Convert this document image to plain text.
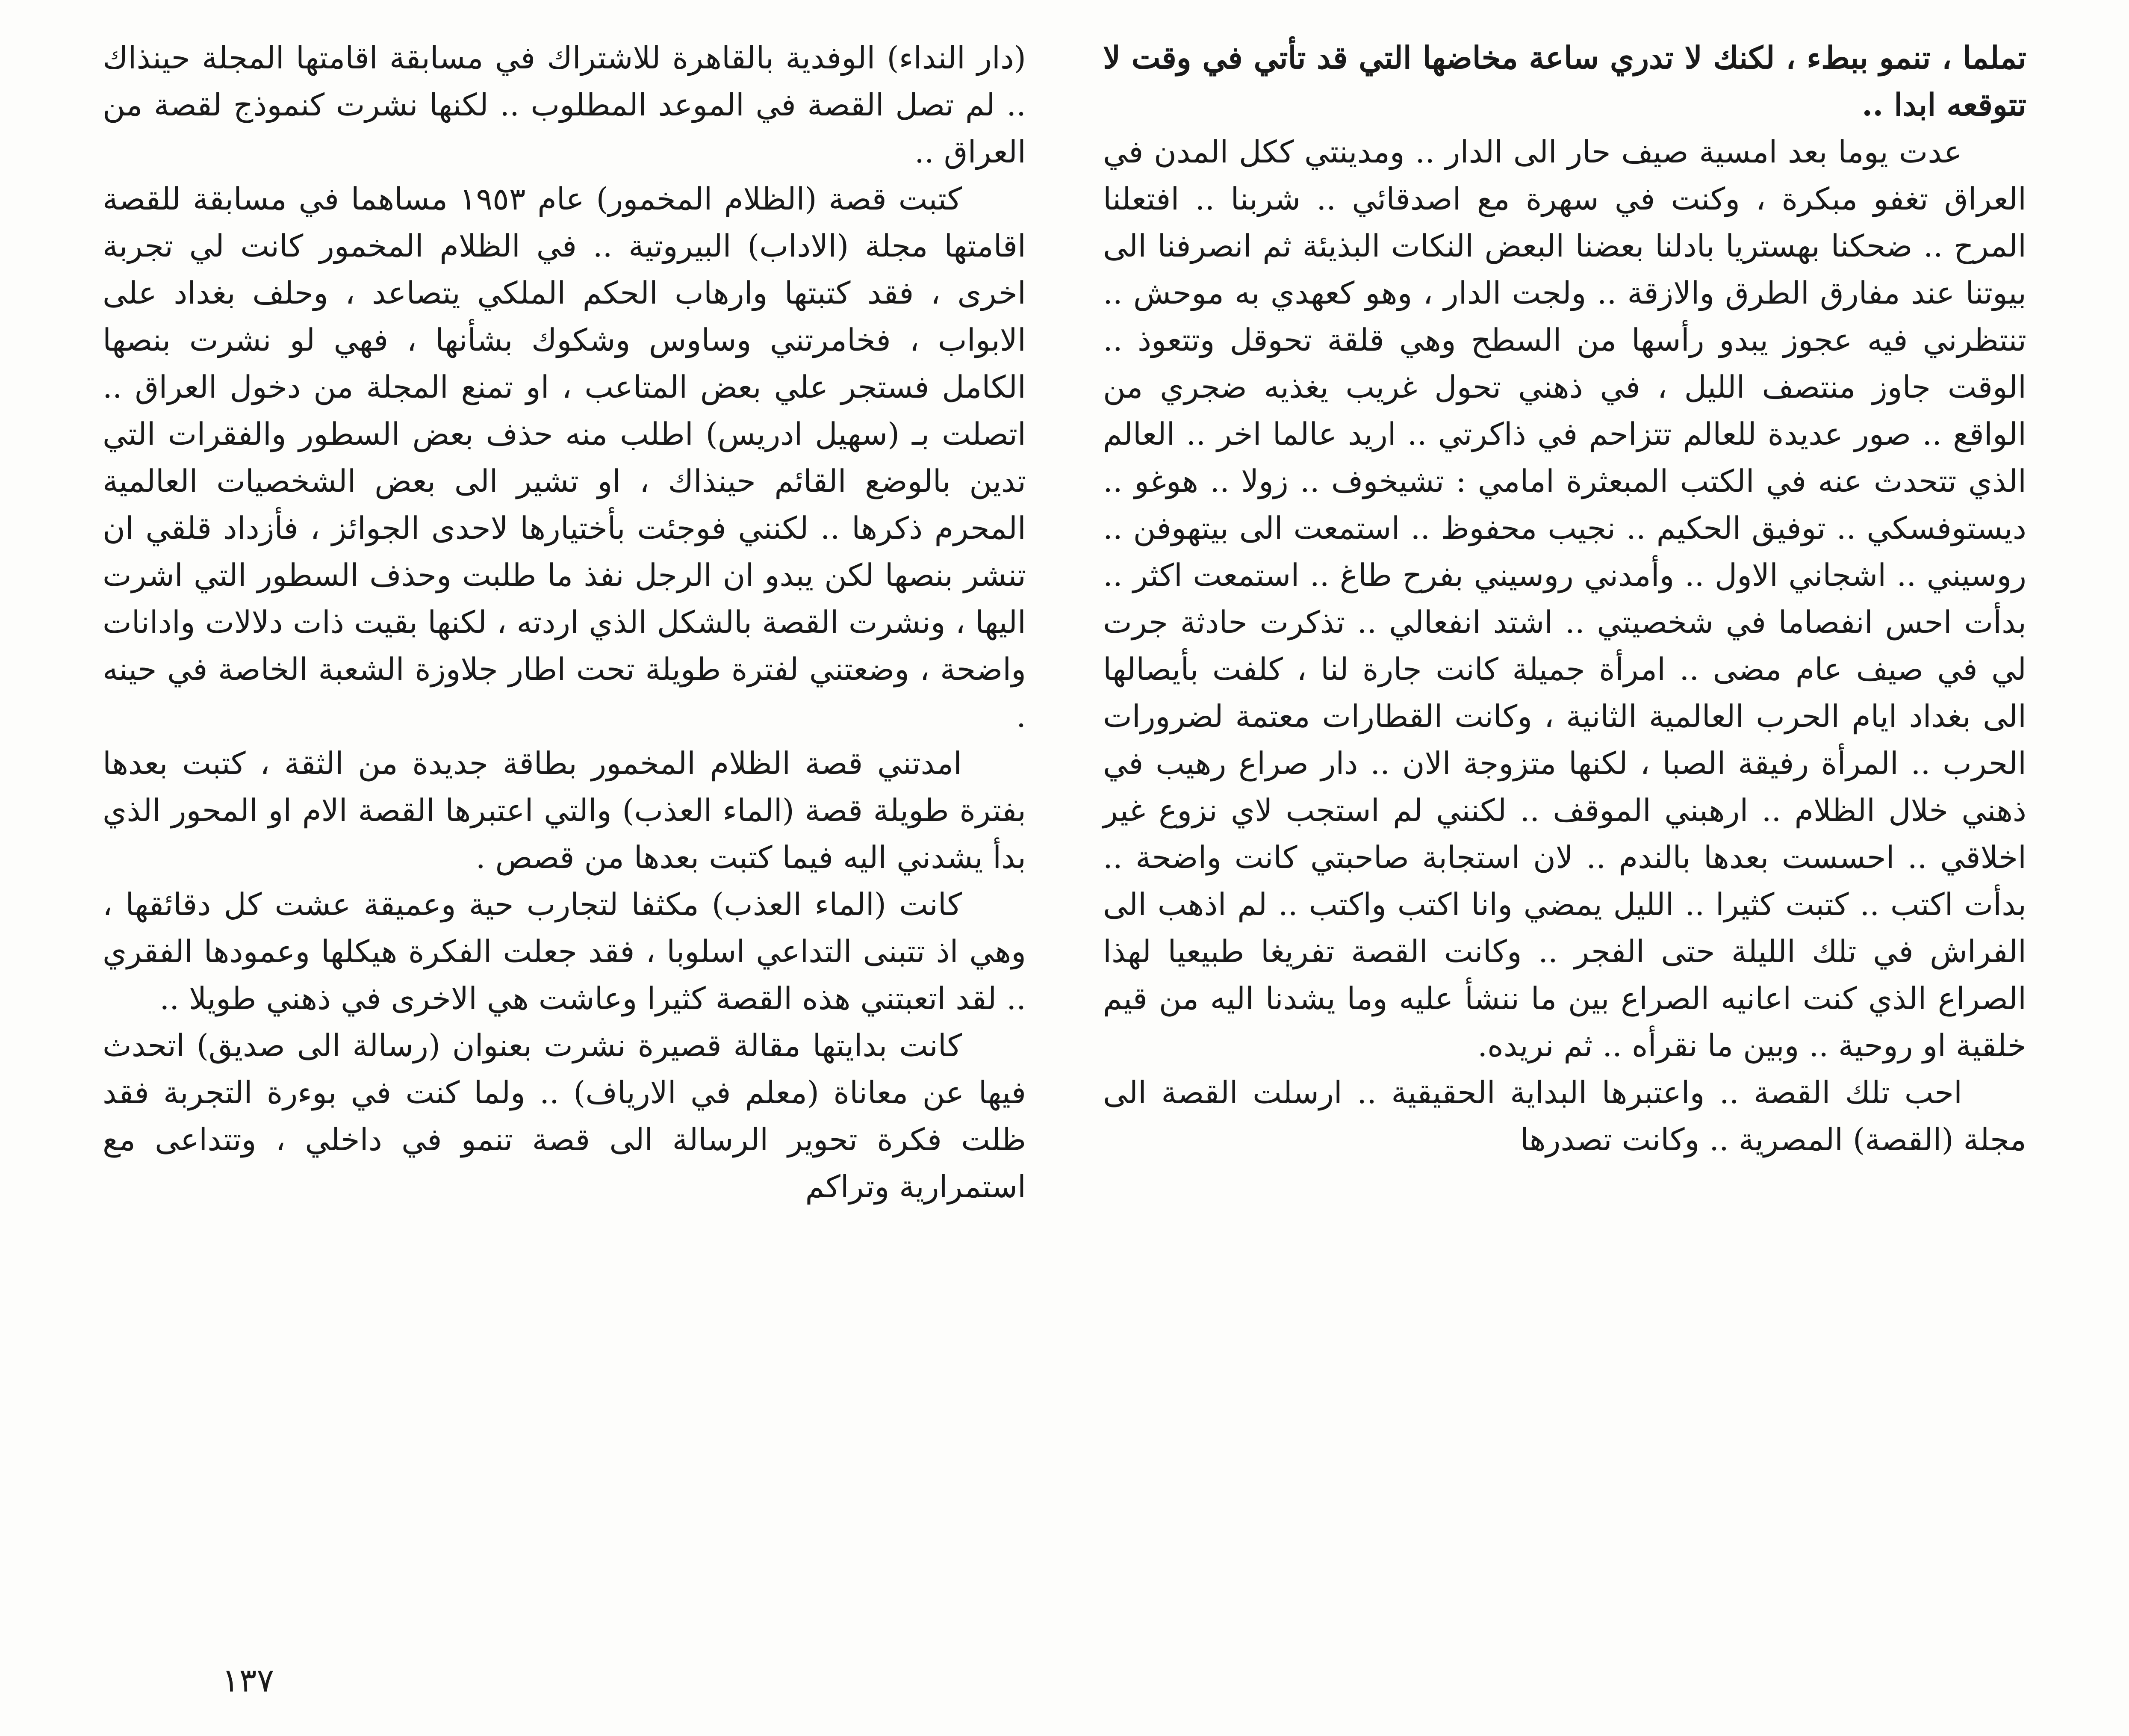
تملما ، تنمو ببطء ، لكنك لا تدري ساعة مخاضها التي قد تأتي في وقت لا تتوقعه ابدا ..

عدت يوما بعد امسية صيف حار الى الدار .. ومدينتي ككل المدن في العراق تغفو مبكرة ، وكنت في سهرة مع اصدقائي .. شربنا .. افتعلنا المرح .. ضحكنا بهستريا بادلنا بعضنا البعض النكات البذيئة ثم انصرفنا الى بيوتنا عند مفارق الطرق والازقة .. ولجت الدار ، وهو كعهدي به موحش .. تنتظرني فيه عجوز يبدو رأسها من السطح وهي قلقة تحوقل وتتعوذ .. الوقت جاوز منتصف الليل ، في ذهني تحول غريب يغذيه ضجري من الواقع .. صور عديدة للعالم تتزاحم في ذاكرتي .. اريد عالما اخر .. العالم الذي تتحدث عنه في الكتب المبعثرة امامي : تشيخوف .. زولا .. هوغو .. ديستوفسكي .. توفيق الحكيم .. نجيب محفوظ .. استمعت الى بيتهوفن .. روسيني .. اشجاني الاول .. وأمدني روسيني بفرح طاغ .. استمعت اكثر .. بدأت احس انفصاما في شخصيتي .. اشتد انفعالي .. تذكرت حادثة جرت لي في صيف عام مضى .. امرأة جميلة كانت جارة لنا ، كلفت بأيصالها الى بغداد ايام الحرب العالمية الثانية ، وكانت القطارات معتمة لضرورات الحرب .. المرأة رفيقة الصبا ، لكنها متزوجة الان .. دار صراع رهيب في ذهني خلال الظلام .. ارهبني الموقف .. لكنني لم استجب لاي نزوع غير اخلاقي .. احسست بعدها بالندم .. لان استجابة صاحبتي كانت واضحة .. بدأت اكتب .. كتبت كثيرا .. الليل يمضي وانا اكتب واكتب .. لم اذهب الى الفراش في تلك الليلة حتى الفجر .. وكانت القصة تفريغا طبيعيا لهذا الصراع الذي كنت اعانيه الصراع بين ما ننشأ عليه وما يشدنا اليه من قيم خلقية او روحية .. وبين ما نقرأه .. ثم نريده.

احب تلك القصة .. واعتبرها البداية الحقيقية .. ارسلت القصة الى مجلة (القصة) المصرية .. وكانت تصدرها

(دار النداء) الوفدية بالقاهرة للاشتراك في مسابقة اقامتها المجلة حينذاك .. لم تصل القصة في الموعد المطلوب .. لكنها نشرت كنموذج لقصة من العراق ..

كتبت قصة (الظلام المخمور) عام ١٩٥٣ مساهما في مسابقة للقصة اقامتها مجلة (الاداب) البيروتية .. في الظلام المخمور كانت لي تجربة اخرى ، فقد كتبتها وارهاب الحكم الملكي يتصاعد ، وحلف بغداد على الابواب ، فخامرتني وساوس وشكوك بشأنها ، فهي لو نشرت بنصها الكامل فستجر علي بعض المتاعب ، او تمنع المجلة من دخول العراق .. اتصلت بـ (سهيل ادريس) اطلب منه حذف بعض السطور والفقرات التي تدين بالوضع القائم حينذاك ، او تشير الى بعض الشخصيات العالمية المحرم ذكرها .. لكنني فوجئت بأختيارها لاحدى الجوائز ، فأزداد قلقي ان تنشر بنصها لكن يبدو ان الرجل نفذ ما طلبت وحذف السطور التي اشرت اليها ، ونشرت القصة بالشكل الذي اردته ، لكنها بقيت ذات دلالات وادانات واضحة ، وضعتني لفترة طويلة تحت اطار جلاوزة الشعبة الخاصة في حينه .

امدتني قصة الظلام المخمور بطاقة جديدة من الثقة ، كتبت بعدها بفترة طويلة قصة (الماء العذب) والتي اعتبرها القصة الام او المحور الذي بدأ يشدني اليه فيما كتبت بعدها من قصص .

كانت (الماء العذب) مكثفا لتجارب حية وعميقة عشت كل دقائقها ، وهي اذ تتبنى التداعي اسلوبا ، فقد جعلت الفكرة هيكلها وعمودها الفقري .. لقد اتعبتني هذه القصة كثيرا وعاشت هي الاخرى في ذهني طويلا ..

كانت بدايتها مقالة قصيرة نشرت بعنوان (رسالة الى صديق) اتحدث فيها عن معاناة (معلم في الارياف) .. ولما كنت في بوءرة التجربة فقد ظلت فكرة تحوير الرسالة الى قصة تنمو في داخلي ، وتتداعى مع استمرارية وتراكم

١٣٧
